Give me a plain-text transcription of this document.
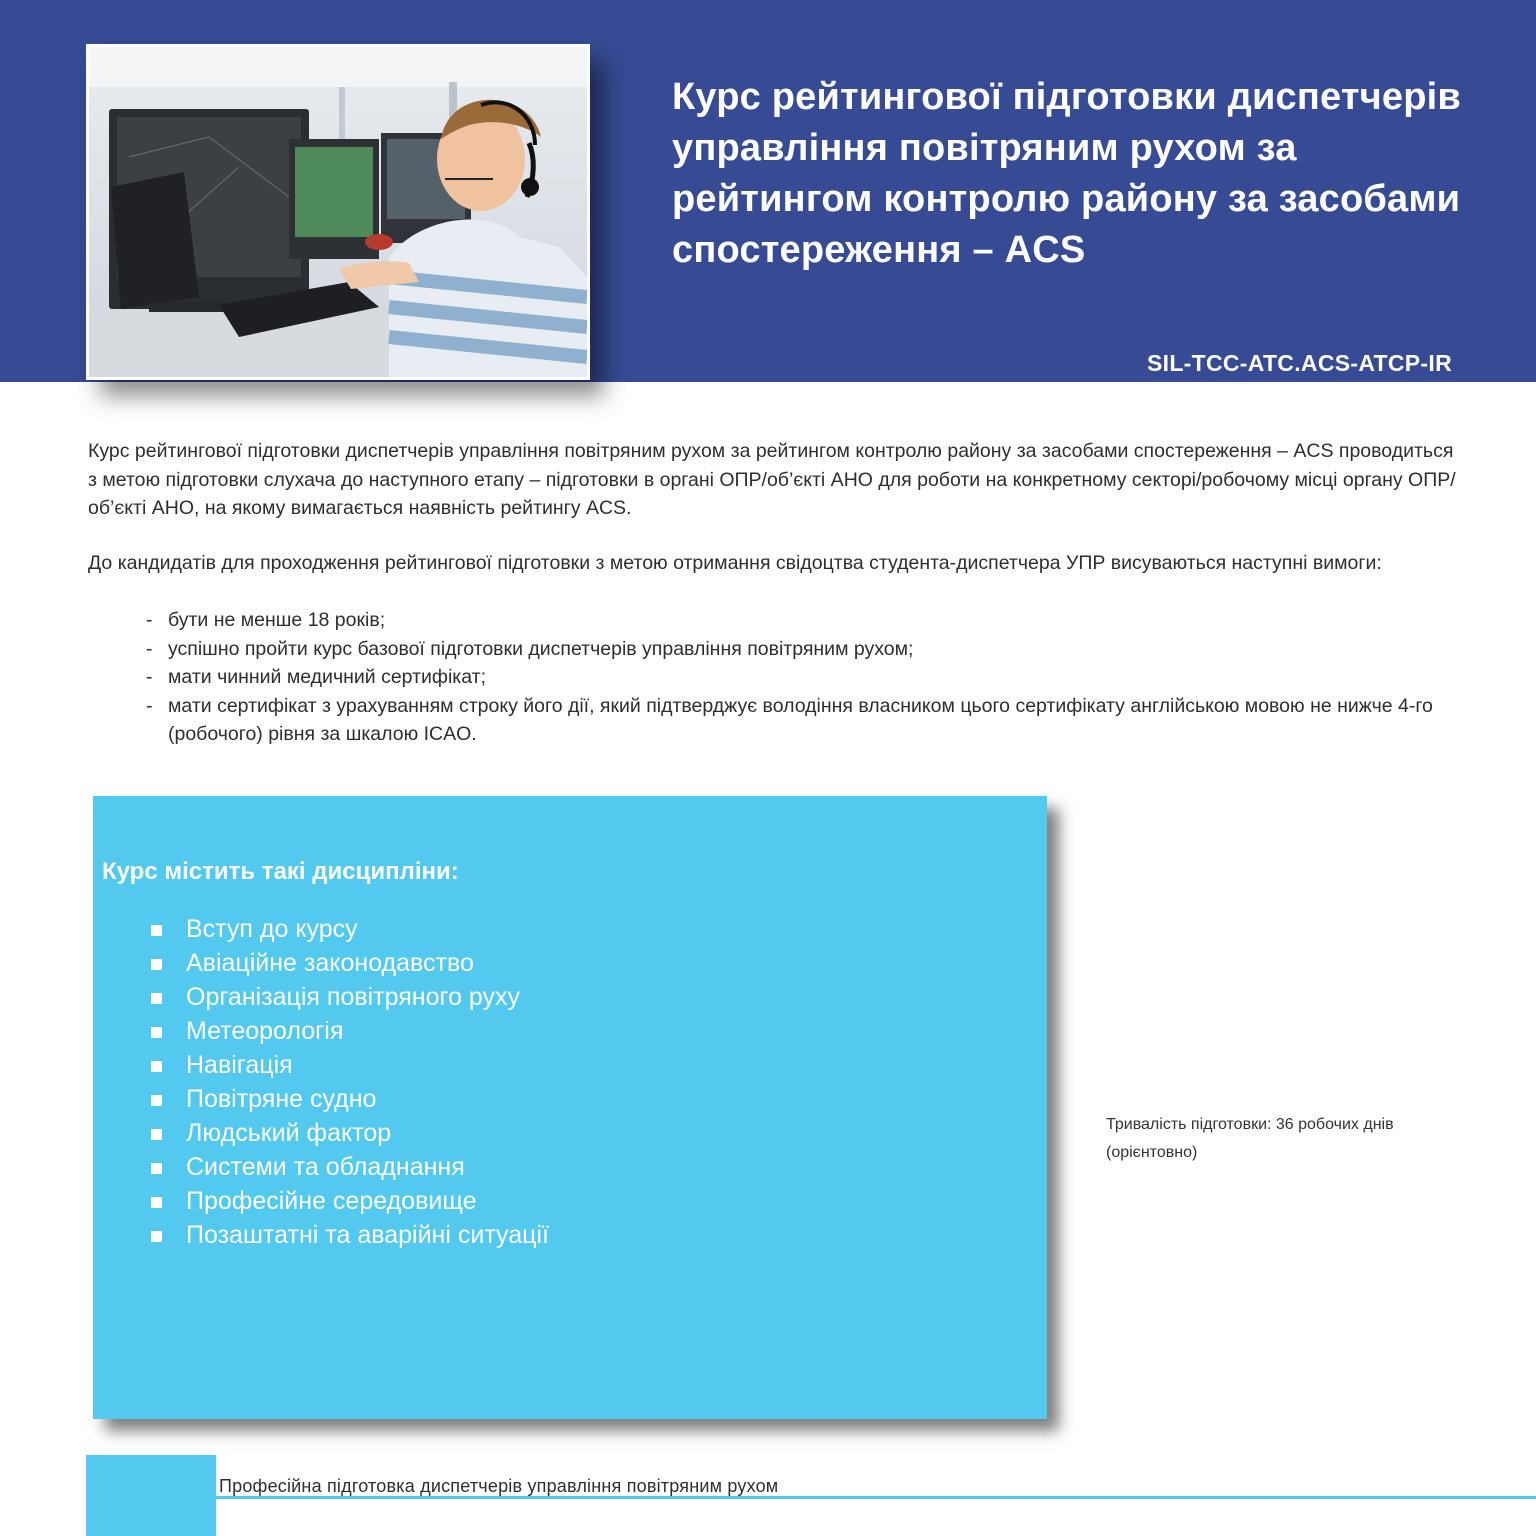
Курс рейтингової підготовки диспетчерів управління повітряним рухом за рейтингом контролю району за засобами спостереження – ACS
SIL-TCC-ATC.ACS-ATCP-IR

Курс рейтингової підготовки диспетчерів управління повітряним рухом за рейтингом контролю району за засобами спостереження – ACS проводиться з метою підготовки слухача до наступного етапу – підготовки в органі ОПР/об’єкті АНО для роботи на конкретному секторі/робочому місці органу ОПР/об’єкті АНО, на якому вимагається наявність рейтингу ACS.

До кандидатів для проходження рейтингової підготовки з метою отримання свідоцтва студента-диспетчера УПР висуваються наступні вимоги:

- бути не менше 18 років;
- успішно пройти курс базової підготовки диспетчерів управління повітряним рухом;
- мати чинний медичний сертифікат;
- мати сертифікат з урахуванням строку його дії, який підтверджує володіння власником цього сертифікату англійською мовою не нижче 4-го (робочого) рівня за шкалою ICAO.
Курс містить такі дисципліни:
Вступ до курсу
Авіаційне законодавство
Організація повітряного руху
Метеорологія
Навігація
Повітряне судно
Людський фактор
Системи та обладнання
Професійне середовище
Позаштатні та аварійні ситуації

Тривалість підготовки: 36 робочих днів (орієнтовно)

Професійна підготовка диспетчерів управління повітряним рухом
